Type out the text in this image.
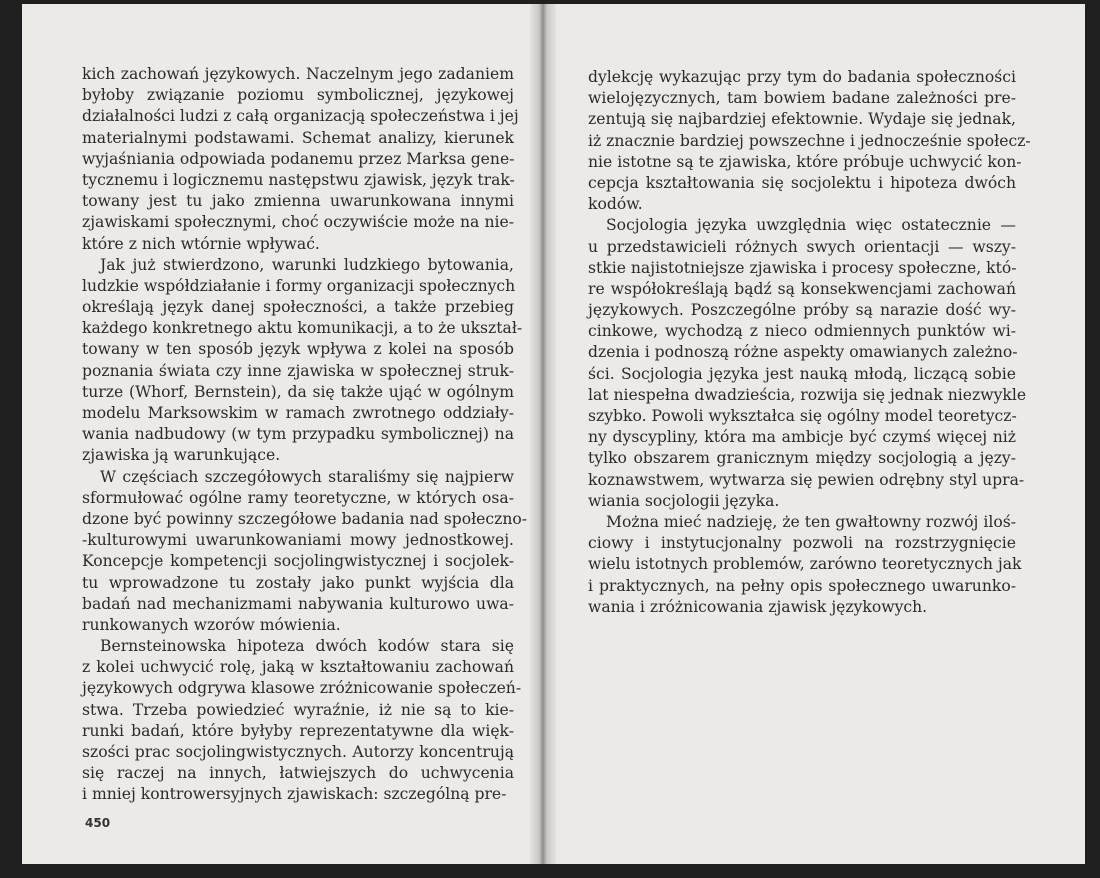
kich zachowań językowych. Naczelnym jego zadaniem
byłoby związanie poziomu symbolicznej, językowej
działalności ludzi z całą organizacją społeczeństwa i jej
materialnymi podstawami. Schemat analizy, kierunek
wyjaśniania odpowiada podanemu przez Marksa gene-
tycznemu i logicznemu następstwu zjawisk, język trak-
towany jest tu jako zmienna uwarunkowana innymi
zjawiskami społecznymi, choć oczywiście może na nie-
które z nich wtórnie wpływać.
Jak już stwierdzono, warunki ludzkiego bytowania,
ludzkie współdziałanie i formy organizacji społecznych
określają język danej społeczności, a także przebieg
każdego konkretnego aktu komunikacji, a to że ukształ-
towany w ten sposób język wpływa z kolei na sposób
poznania świata czy inne zjawiska w społecznej struk-
turze (Whorf, Bernstein), da się także ująć w ogólnym
modelu Marksowskim w ramach zwrotnego oddziały-
wania nadbudowy (w tym przypadku symbolicznej) na
zjawiska ją warunkujące.
W częściach szczegółowych staraliśmy się najpierw
sformułować ogólne ramy teoretyczne, w których osa-
dzone być powinny szczegółowe badania nad społeczno-
-kulturowymi uwarunkowaniami mowy jednostkowej.
Koncepcje kompetencji socjolingwistycznej i socjolek-
tu wprowadzone tu zostały jako punkt wyjścia dla
badań nad mechanizmami nabywania kulturowo uwa-
runkowanych wzorów mówienia.
Bernsteinowska hipoteza dwóch kodów stara się
z kolei uchwycić rolę, jaką w kształtowaniu zachowań
językowych odgrywa klasowe zróżnicowanie społeczeń-
stwa. Trzeba powiedzieć wyraźnie, iż nie są to kie-
runki badań, które byłyby reprezentatywne dla więk-
szości prac socjolingwistycznych. Autorzy koncentrują
się raczej na innych, łatwiejszych do uchwycenia
i mniej kontrowersyjnych zjawiskach: szczególną pre-
450
dylekcję wykazując przy tym do badania społeczności
wielojęzycznych, tam bowiem badane zależności pre-
zentują się najbardziej efektownie. Wydaje się jednak,
iż znacznie bardziej powszechne i jednocześnie społecz-
nie istotne są te zjawiska, które próbuje uchwycić kon-
cepcja kształtowania się socjolektu i hipoteza dwóch
kodów.
Socjologia języka uwzględnia więc ostatecznie —
u przedstawicieli różnych swych orientacji — wszy-
stkie najistotniejsze zjawiska i procesy społeczne, któ-
re współokreślają bądź są konsekwencjami zachowań
językowych. Poszczególne próby są narazie dość wy-
cinkowe, wychodzą z nieco odmiennych punktów wi-
dzenia i podnoszą różne aspekty omawianych zależno-
ści. Socjologia języka jest nauką młodą, liczącą sobie
lat niespełna dwadzieścia, rozwija się jednak niezwykle
szybko. Powoli wykształca się ogólny model teoretycz-
ny dyscypliny, która ma ambicje być czymś więcej niż
tylko obszarem granicznym między socjologią a języ-
koznawstwem, wytwarza się pewien odrębny styl upra-
wiania socjologii języka.
Można mieć nadzieję, że ten gwałtowny rozwój iloś-
ciowy i instytucjonalny pozwoli na rozstrzygnięcie
wielu istotnych problemów, zarówno teoretycznych jak
i praktycznych, na pełny opis społecznego uwarunko-
wania i zróżnicowania zjawisk językowych.
